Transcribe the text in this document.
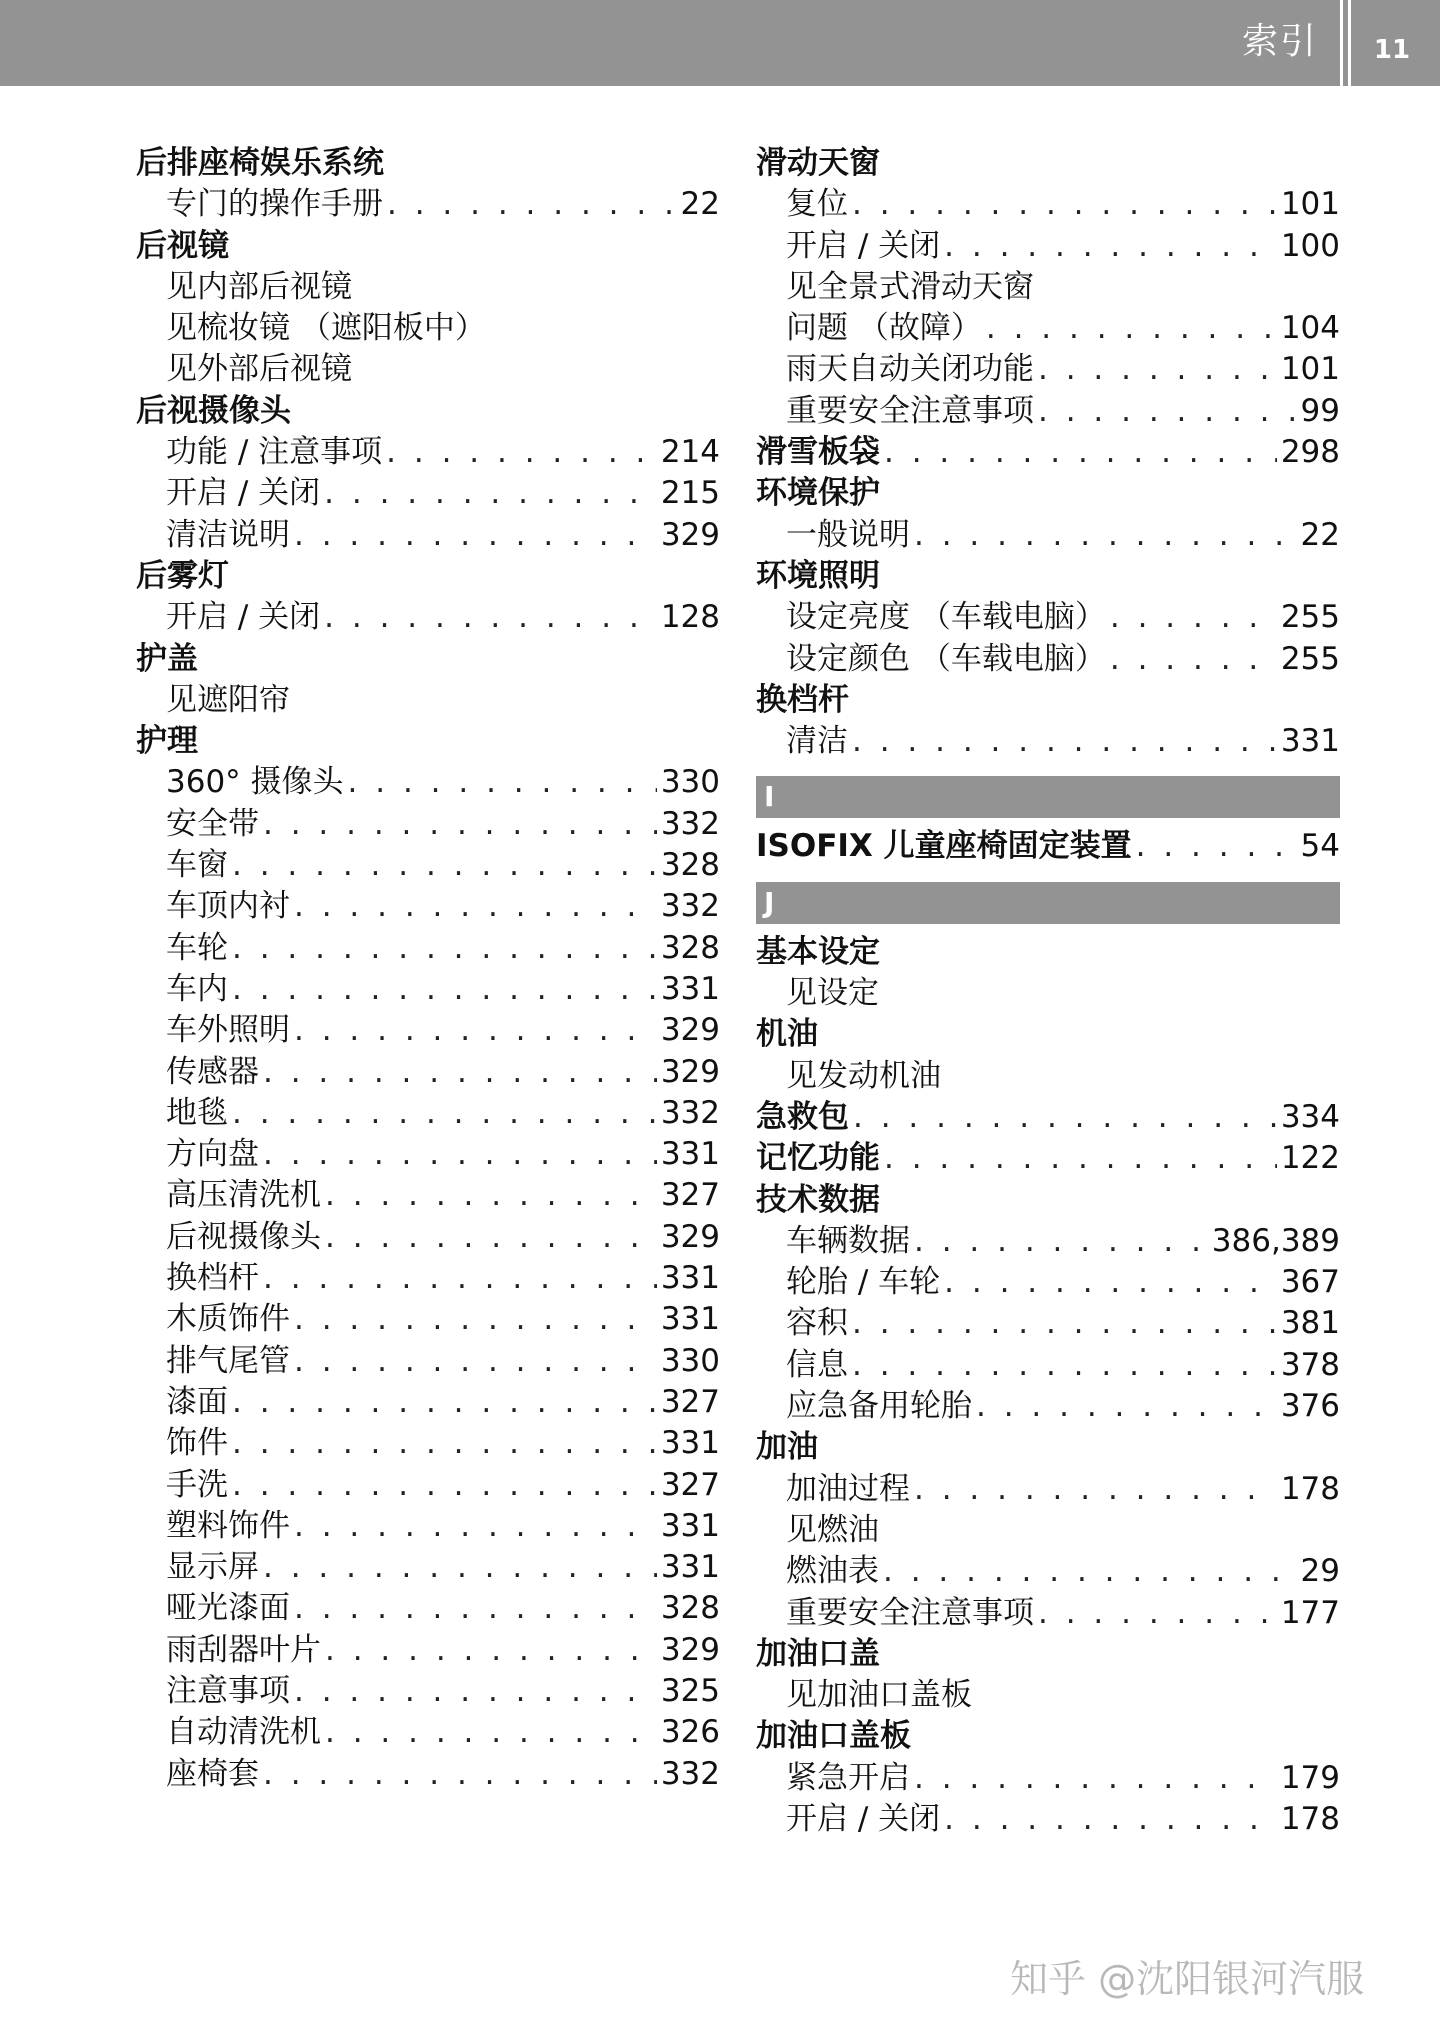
索引	11
后排座椅娱乐系统
专门的操作手册 . . .	22
后视镜
见内部后视镜
见梳妆镜 （遮阳板中）
见外部后视镜
后视摄像头
功能 / 注意事项 . . .	214
开启 / 关闭 . . .	215
清洁说明 . . .	329
后雾灯
开启 / 关闭 . . .	128
护盖
见遮阳帘
护理
360° 摄像头 . . .	330
安全带 . . .	332
车窗 . . .	328
车顶内衬 . . .	332
车轮 . . .	328
车内 . . .	331
车外照明 . . .	329
传感器 . . .	329
地毯 . . .	332
方向盘 . . .	331
高压清洗机 . . .	327
后视摄像头 . . .	329
换档杆 . . .	331
木质饰件 . . .	331
排气尾管 . . .	330
漆面 . . .	327
饰件 . . .	331
手洗 . . .	327
塑料饰件 . . .	331
显示屏 . . .	331
哑光漆面 . . .	328
雨刮器叶片 . . .	329
注意事项 . . .	325
自动清洗机 . . .	326
座椅套 . . .	332
滑动天窗
复位 . . .	101
开启 / 关闭 . . .	100
见全景式滑动天窗
问题 （故障） . . .	104
雨天自动关闭功能 . . .	101
重要安全注意事项 . . .	99
滑雪板袋 . . .	298
环境保护
一般说明 . . .	22
环境照明
设定亮度 （车载电脑） . . .	255
设定颜色 （车载电脑） . . .	255
换档杆
清洁 . . .	331
I
ISOFIX 儿童座椅固定装置 . . .	54
J
基本设定
见设定
机油
见发动机油
急救包 . . .	334
记忆功能 . . .	122
技术数据
车辆数据 . . .	386,389
轮胎 / 车轮 . . .	367
容积 . . .	381
信息 . . .	378
应急备用轮胎 . . .	376
加油
加油过程 . . .	178
见燃油
燃油表 . . .	29
重要安全注意事项 . . .	177
加油口盖
见加油口盖板
加油口盖板
紧急开启 . . .	179
开启 / 关闭 . . .	178
知乎 @沈阳银河汽服
